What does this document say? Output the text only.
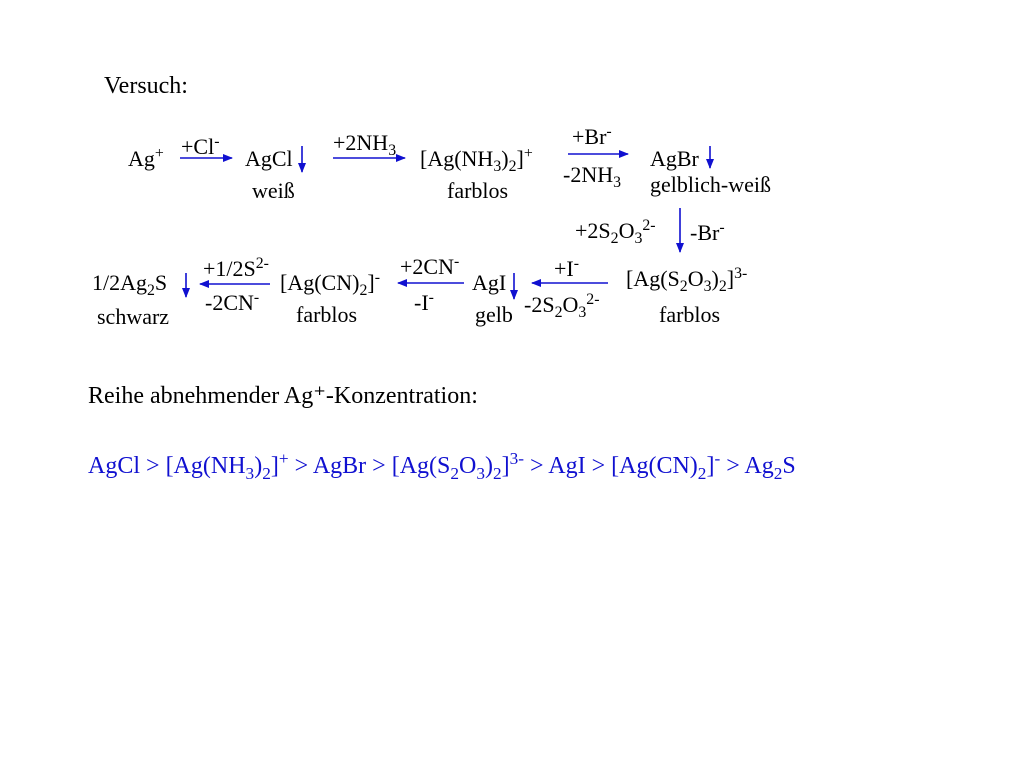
Versuch:
Ag+ +Cl-
AgCl
weiß
$+2NH_3$ $[Ag(NH_3)_2]^+$
farblos
+Br-
$-2NH_3$
AgBr
gelblich-weiß
$+2S_2O_3^{2-}$ -Br-
$[Ag(S_2O_3)_2]^{3-}$
farblos
+I-
$-2S_2O_3^{2-}$
AgI
gelb
+2CN-
-I-
$[Ag(CN)_2]^-$
farblos
$+1/2S^{2-}$
-2CN-
$1/2Ag_2S$
schwarz
Reihe abnehmender Ag⁺-Konzentration:
AgCl > $[Ag(NH_3)_2]^+$ > AgBr > $[Ag(S_2O_3)_2]^{3-}$ > AgI > $[Ag(CN)_2]^- > Ag_2S$
